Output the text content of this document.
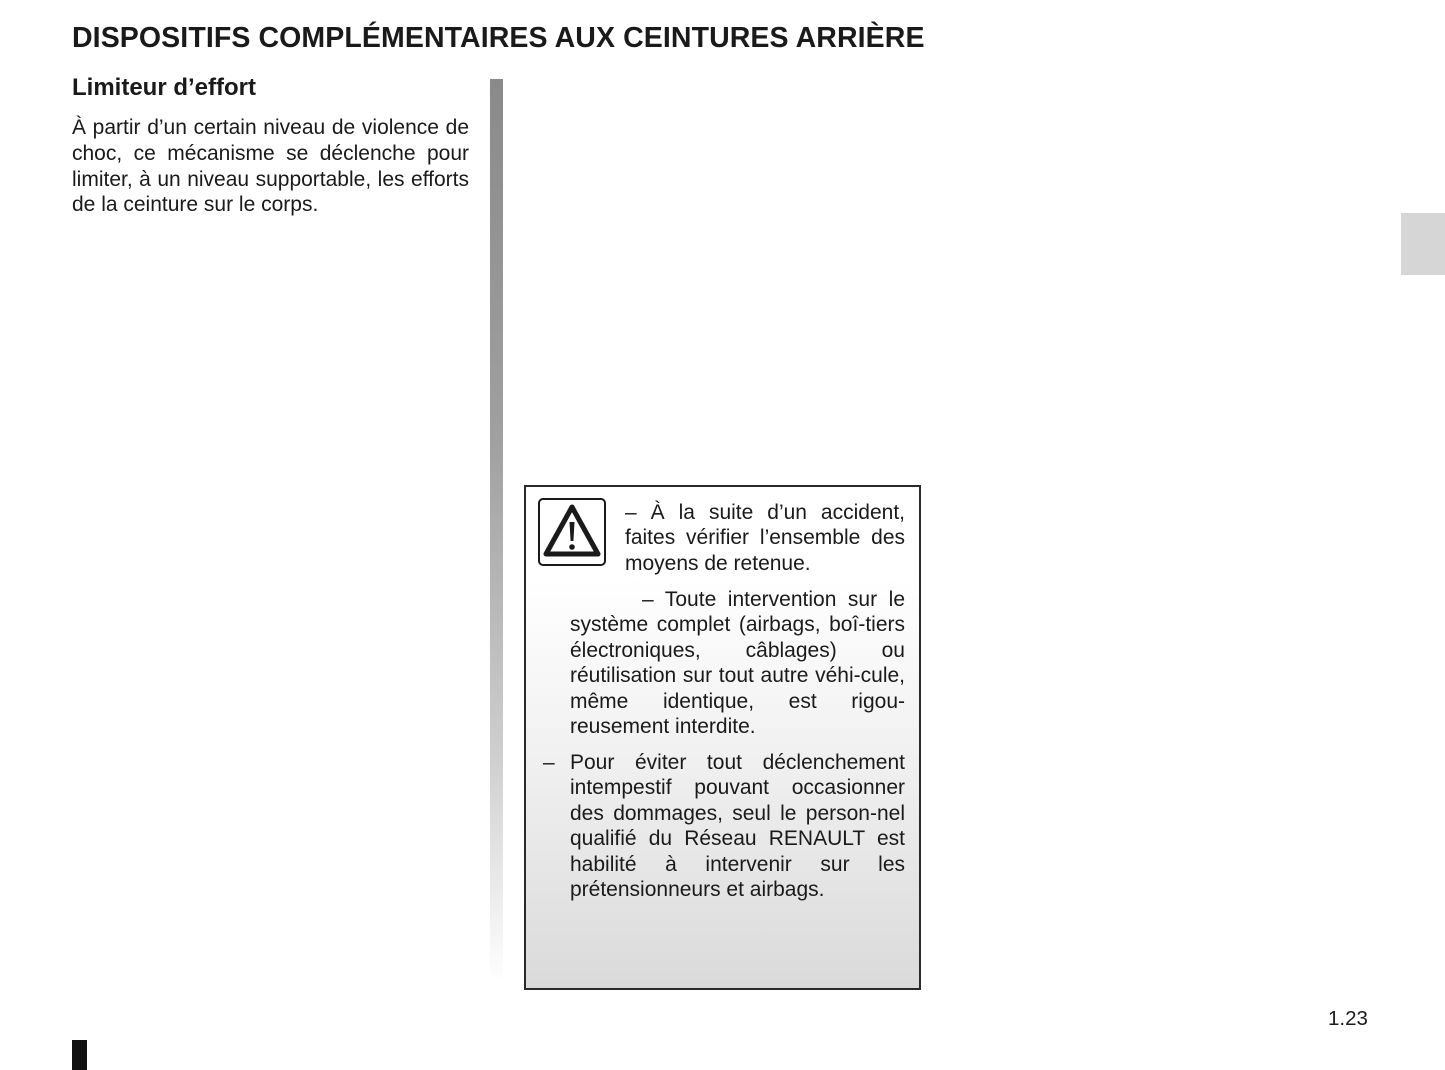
DISPOSITIFS COMPLÉMENTAIRES AUX CEINTURES ARRIÈRE
Limiteur d’effort

À partir d’un certain niveau de violence de choc, ce mécanisme se déclenche pour limiter, à un niveau supportable, les efforts de la ceinture sur le corps.

– À la suite d’un accident, faites vérifier l’ensemble des moyens de retenue.

– Toute intervention sur le système complet (airbags, boî-tiers électroniques, câblages) ou réutilisation sur tout autre véhi-cule, même identique, est rigou-reusement interdite.

– Pour éviter tout déclenchement intempestif pouvant occasionner des dommages, seul le person-nel qualifié du Réseau RENAULT est habilité à intervenir sur les prétensionneurs et airbags.

1.23
